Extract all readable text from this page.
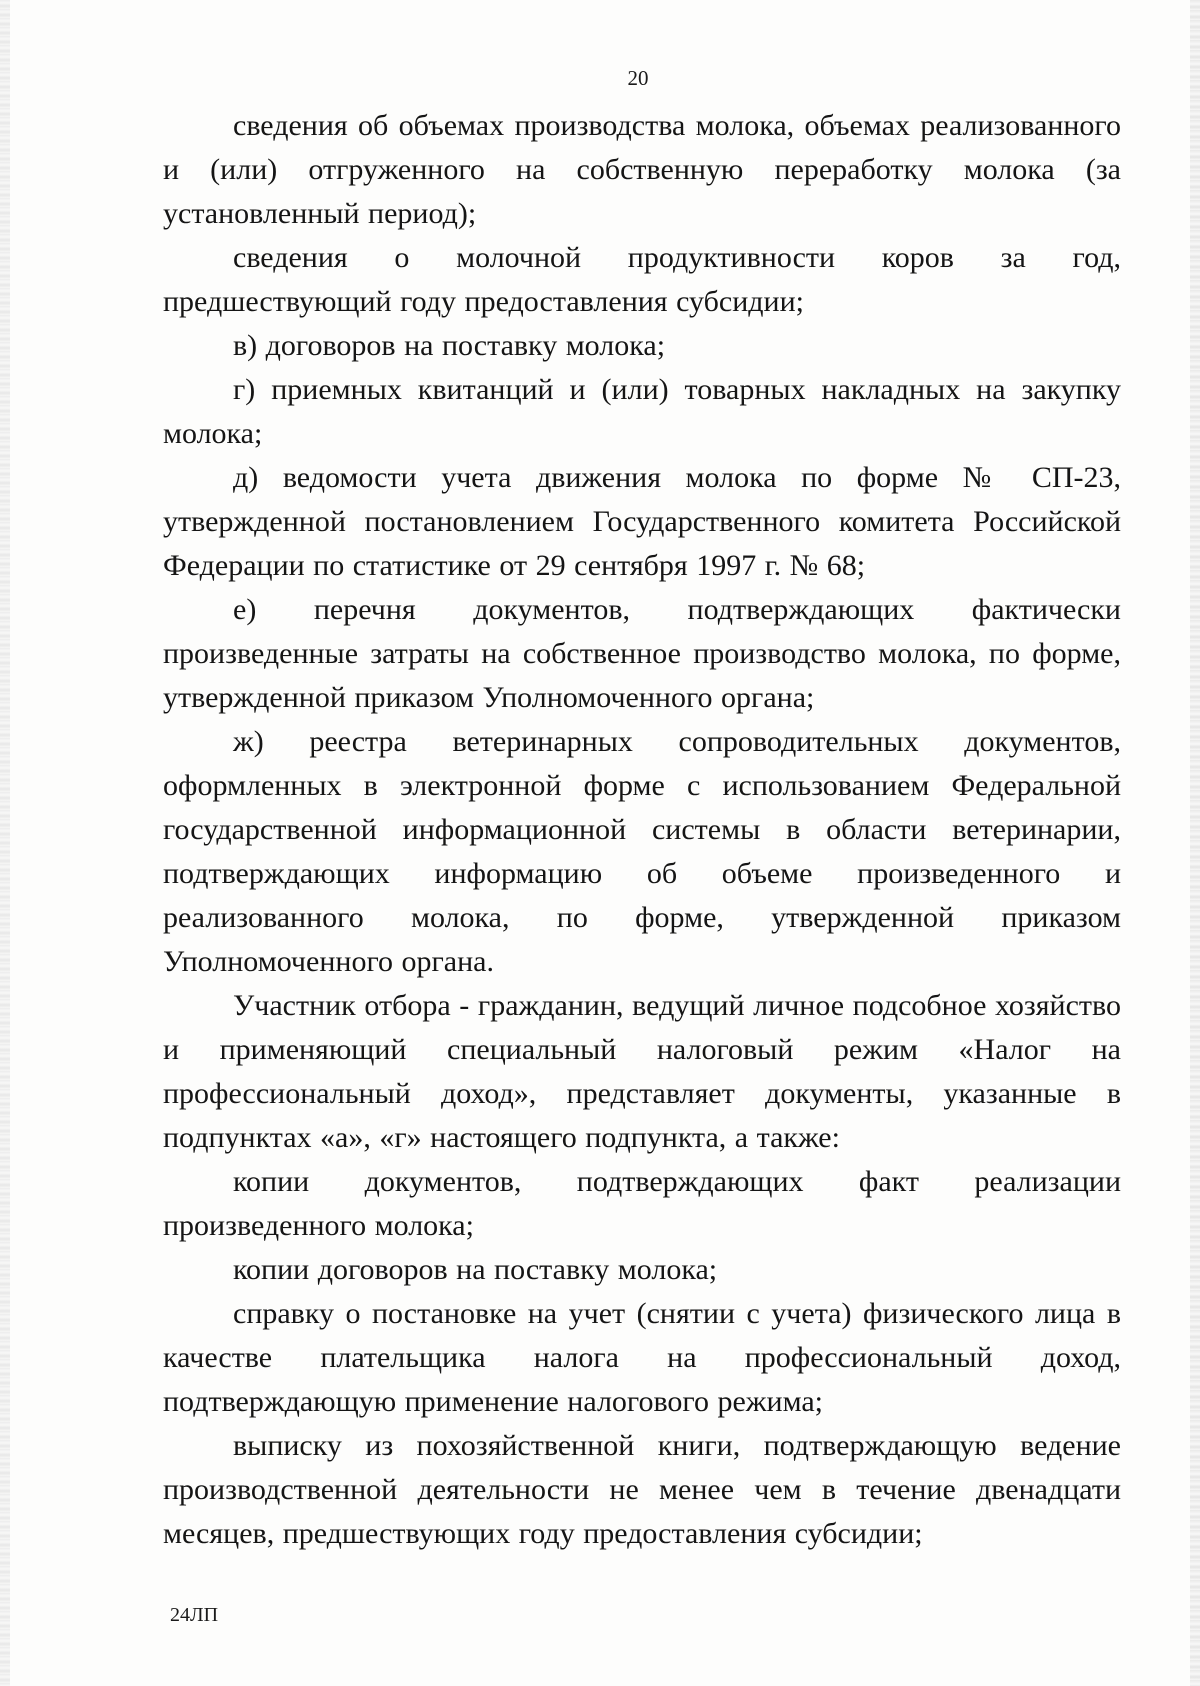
20

сведения об объемах производства молока, объемах реализованного и (или) отгруженного на собственную переработку молока (за установленный период);

сведения о молочной продуктивности коров за год, предшествующий году предоставления субсидии;

в) договоров на поставку молока;

г) приемных квитанций и (или) товарных накладных на закупку молока;

д) ведомости учета движения молока по форме № СП-23, утвержденной постановлением Государственного комитета Российской Федерации по статистике от 29 сентября 1997 г. № 68;

е) перечня документов, подтверждающих фактически произведенные затраты на собственное производство молока, по форме, утвержденной приказом Уполномоченного органа;

ж) реестра ветеринарных сопроводительных документов, оформленных в электронной форме с использованием Федеральной государственной информационной системы в области ветеринарии, подтверждающих информацию об объеме произведенного и реализованного молока, по форме, утвержденной приказом Уполномоченного органа.

Участник отбора - гражданин, ведущий личное подсобное хозяйство и применяющий специальный налоговый режим «Налог на профессиональный доход», представляет документы, указанные в подпунктах «а», «г» настоящего подпункта, а также:

копии документов, подтверждающих факт реализации произведенного молока;

копии договоров на поставку молока;

справку о постановке на учет (снятии с учета) физического лица в качестве плательщика налога на профессиональный доход, подтверждающую применение налогового режима;

выписку из похозяйственной книги, подтверждающую ведение производственной деятельности не менее чем в течение двенадцати месяцев, предшествующих году предоставления субсидии;

24ЛП
